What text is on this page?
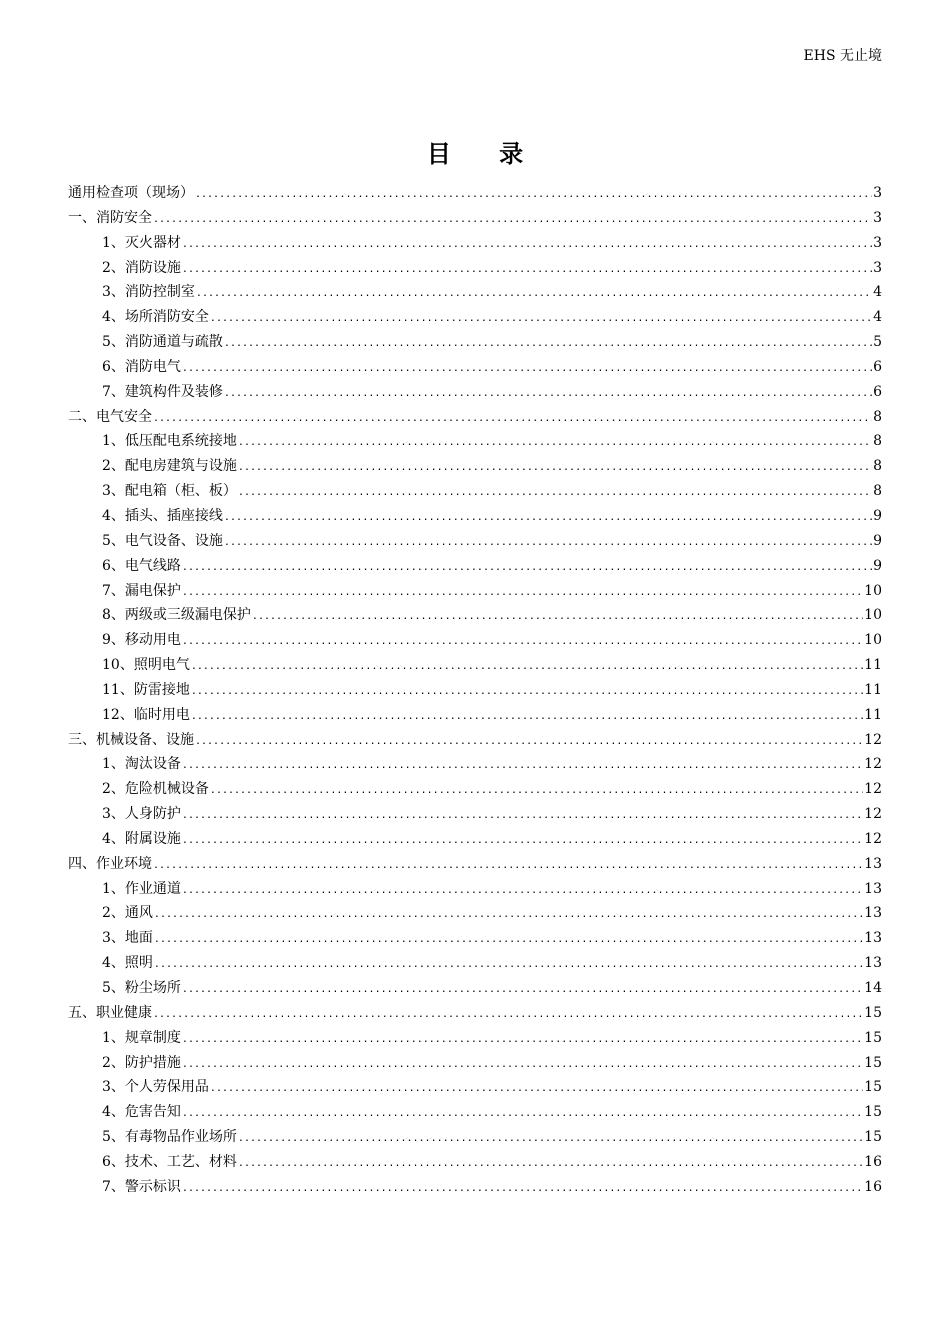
EHS 无止境
目 录
通用检查项（现场） .....	3
一、消防安全 .....	3
1、灭火器材 .....	3
2、消防设施 .....	3
3、消防控制室 .....	4
4、场所消防安全 .....	4
5、消防通道与疏散 .....	5
6、消防电气 .....	6
7、建筑构件及装修 .....	6
二、电气安全 .....	8
1、低压配电系统接地 .....	8
2、配电房建筑与设施 .....	8
3、配电箱（柜、板） .....	8
4、插头、插座接线 .....	9
5、电气设备、设施 .....	9
6、电气线路 .....	9
7、漏电保护 .....	10
8、两级或三级漏电保护 .....	10
9、移动用电 .....	10
10、照明电气 .....	11
11、防雷接地 .....	11
12、临时用电 .....	11
三、机械设备、设施 .....	12
1、淘汰设备 .....	12
2、危险机械设备 .....	12
3、人身防护 .....	12
4、附属设施 .....	12
四、作业环境 .....	13
1、作业通道 .....	13
2、通风 .....	13
3、地面 .....	13
4、照明 .....	13
5、粉尘场所 .....	14
五、职业健康 .....	15
1、规章制度 .....	15
2、防护措施 .....	15
3、个人劳保用品 .....	15
4、危害告知 .....	15
5、有毒物品作业场所 .....	15
6、技术、工艺、材料 .....	16
7、警示标识 .....	16
